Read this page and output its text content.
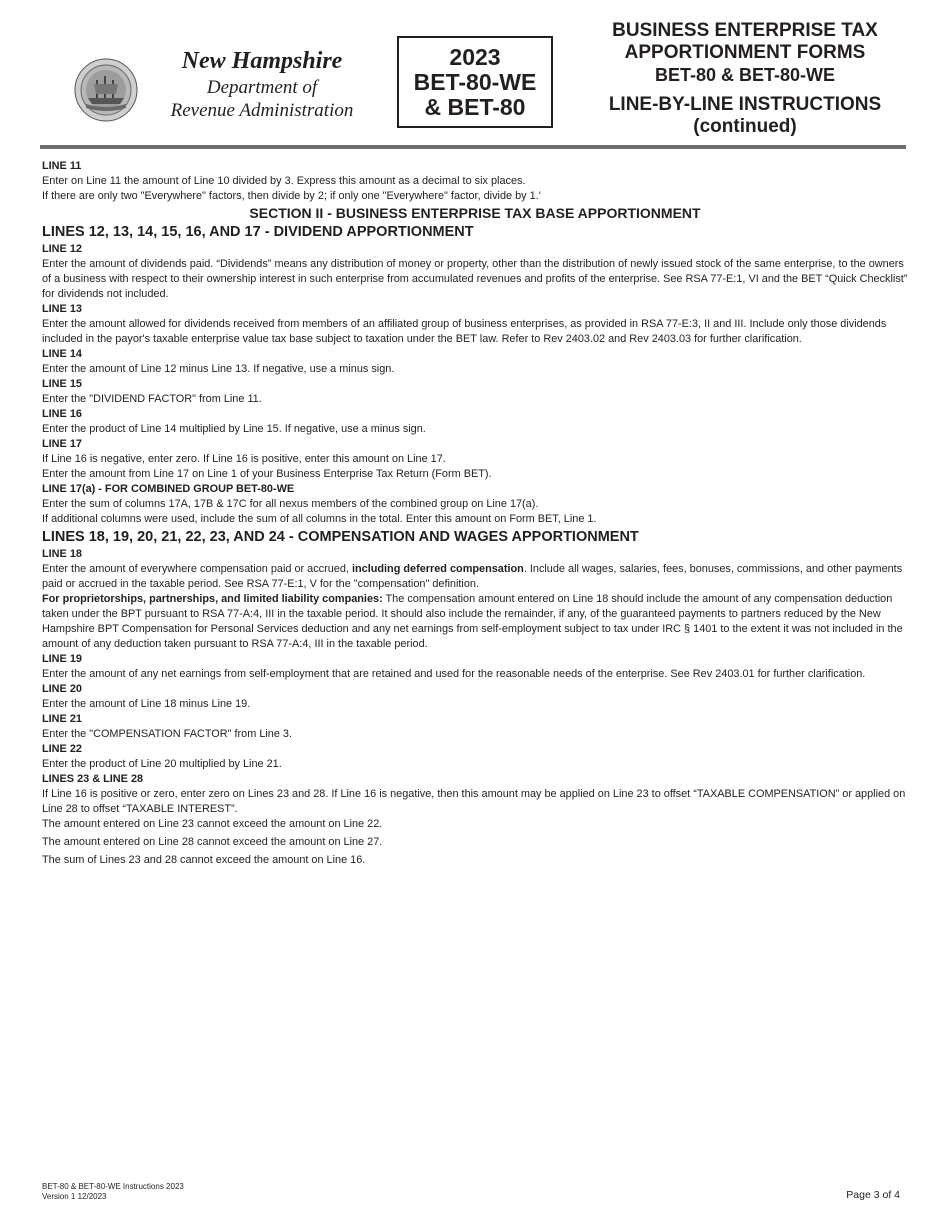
New Hampshire
Department of
Revenue Administration
2023
BET-80-WE
& BET-80
BUSINESS ENTERPRISE TAX
APPORTIONMENT FORMS
BET-80 & BET-80-WE
LINE-BY-LINE INSTRUCTIONS
(continued)

LINE 11

Enter on Line 11 the amount of Line 10 divided by 3. Express this amount as a decimal to six places.

If there are only two "Everywhere" factors, then divide by 2; if only one "Everywhere" factor, divide by 1.'

SECTION II - BUSINESS ENTERPRISE TAX BASE APPORTIONMENT

LINES 12, 13, 14, 15, 16, AND 17 - DIVIDEND APPORTIONMENT

LINE 12

Enter the amount of dividends paid. “Dividends” means any distribution of money or property, other than the distribution of newly issued stock of the same enterprise, to the owners of a business with respect to their ownership interest in such enterprise from accumulated revenues and profits of the enterprise. See RSA 77-E:1, VI and the BET “Quick Checklist” for dividends not included.

LINE 13

Enter the amount allowed for dividends received from members of an affiliated group of business enterprises, as provided in RSA 77-E:3, II and III. Include only those dividends included in the payor's taxable enterprise value tax base subject to taxation under the BET law. Refer to Rev 2403.02 and Rev 2403.03 for further clarification.

LINE 14

Enter the amount of Line 12 minus Line 13. If negative, use a minus sign.

LINE 15

Enter the "DIVIDEND FACTOR" from Line 11.

LINE 16

Enter the product of Line 14 multiplied by Line 15. If negative, use a minus sign.

LINE 17

If Line 16 is negative, enter zero. If Line 16 is positive, enter this amount on Line 17.

Enter the amount from Line 17 on Line 1 of your Business Enterprise Tax Return (Form BET).

LINE 17(a) - FOR COMBINED GROUP BET-80-WE

Enter the sum of columns 17A, 17B & 17C for all nexus members of the combined group on Line 17(a).

If additional columns were used, include the sum of all columns in the total. Enter this amount on Form BET, Line 1.

LINES 18, 19, 20, 21, 22, 23, AND 24 - COMPENSATION AND WAGES APPORTIONMENT

LINE 18

Enter the amount of everywhere compensation paid or accrued, including deferred compensation. Include all wages, salaries, fees, bonuses, commissions, and other payments paid or accrued in the taxable period. See RSA 77-E:1, V for the "compensation" definition.

For proprietorships, partnerships, and limited liability companies: The compensation amount entered on Line 18 should include the amount of any compensation deduction taken under the BPT pursuant to RSA 77-A:4, III in the taxable period. It should also include the remainder, if any, of the guaranteed payments to partners reduced by the New Hampshire BPT Compensation for Personal Services deduction and any net earnings from self-employment subject to tax under IRC § 1401 to the extent it was not included in the amount of any deduction taken pursuant to RSA 77-A:4, III in the taxable period.

LINE 19

Enter the amount of any net earnings from self-employment that are retained and used for the reasonable needs of the enterprise. See Rev 2403.01 for further clarification.

LINE 20

Enter the amount of Line 18 minus Line 19.

LINE 21

Enter the "COMPENSATION FACTOR" from Line 3.

LINE 22

Enter the product of Line 20 multiplied by Line 21.

LINES 23 & LINE 28

If Line 16 is positive or zero, enter zero on Lines 23 and 28. If Line 16 is negative, then this amount may be applied on Line 23 to offset “TAXABLE COMPENSATION” or applied on Line 28 to offset “TAXABLE INTEREST”.

The amount entered on Line 23 cannot exceed the amount on Line 22.

The amount entered on Line 28 cannot exceed the amount on Line 27.

The sum of Lines 23 and 28 cannot exceed the amount on Line 16.

BET-80 & BET-80-WE Instructions 2023
Version 1 12/2023	Page 3 of 4
